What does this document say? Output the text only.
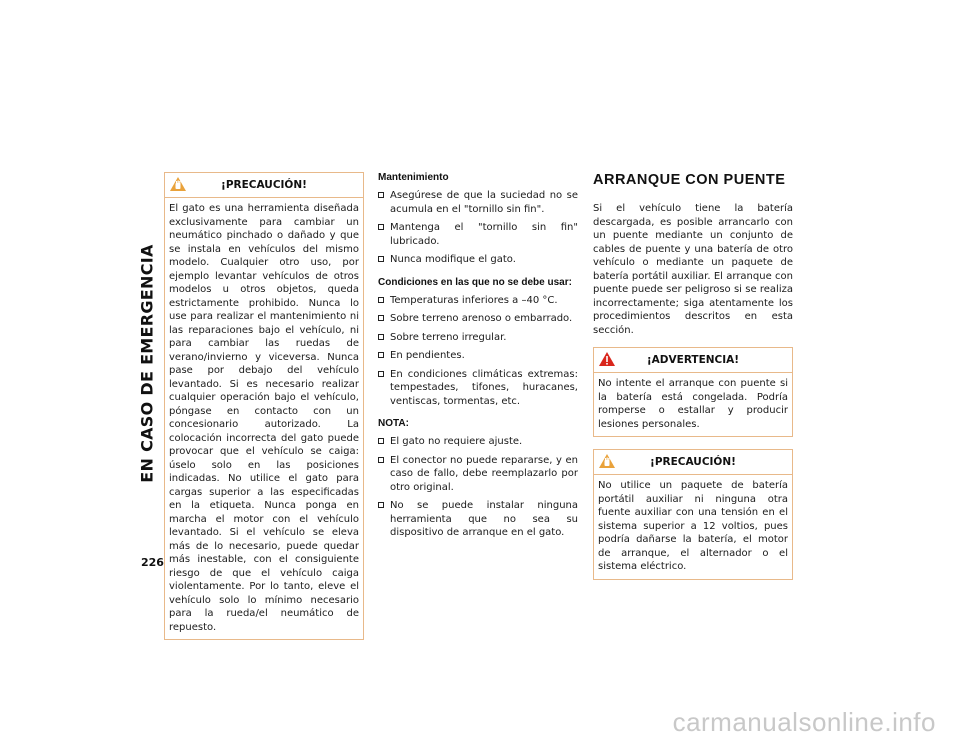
EN CASO DE EMERGENCIA
226
¡PRECAUCIÓN!
El gato es una herramienta diseñada exclusivamente para cambiar un neumático pinchado o dañado y que se instala en vehículos del mismo modelo. Cualquier otro uso, por ejemplo levantar vehículos de otros modelos u otros objetos, queda estrictamente prohibido. Nunca lo use para realizar el mantenimiento ni las reparaciones bajo el vehículo, ni para cambiar las ruedas de verano/invierno y viceversa. Nunca pase por debajo del vehículo levantado. Si es necesario realizar cualquier operación bajo el vehículo, póngase en contacto con un concesionario autorizado. La colocación incorrecta del gato puede provocar que el vehículo se caiga: úselo solo en las posiciones indicadas. No utilice el gato para cargas superior a las especificadas en la etiqueta. Nunca ponga en marcha el motor con el vehículo levantado. Si el vehículo se eleva más de lo necesario, puede quedar más inestable, con el consiguiente riesgo de que el vehículo caiga violentamente. Por lo tanto, eleve el vehículo solo lo mínimo necesario para la rueda/el neumático de repuesto.
Mantenimiento
Asegúrese de que la suciedad no se acumula en el "tornillo sin fin".
Mantenga el "tornillo sin fin" lubricado.
Nunca modifique el gato.
Condiciones en las que no se debe usar:
Temperaturas inferiores a –40 °C.
Sobre terreno arenoso o embarrado.
Sobre terreno irregular.
En pendientes.
En condiciones climáticas extremas: tempestades, tifones, huracanes, ventiscas, tormentas, etc.
NOTA:
El gato no requiere ajuste.
El conector no puede repararse, y en caso de fallo, debe reemplazarlo por otro original.
No se puede instalar ninguna herramienta que no sea su dispositivo de arranque en el gato.
ARRANQUE CON PUENTE

Si el vehículo tiene la batería descargada, es posible arrancarlo con un puente mediante un conjunto de cables de puente y una batería de otro vehículo o mediante un paquete de batería portátil auxiliar. El arranque con puente puede ser peligroso si se realiza incorrectamente; siga atentamente los procedimientos descritos en esta sección.

¡ADVERTENCIA!
No intente el arranque con puente si la batería está congelada. Podría romperse o estallar y producir lesiones personales.
¡PRECAUCIÓN!
No utilice un paquete de batería portátil auxiliar ni ninguna otra fuente auxiliar con una tensión en el sistema superior a 12 voltios, pues podría dañarse la batería, el motor de arranque, el alternador o el sistema eléctrico.
carmanualsonline.info
